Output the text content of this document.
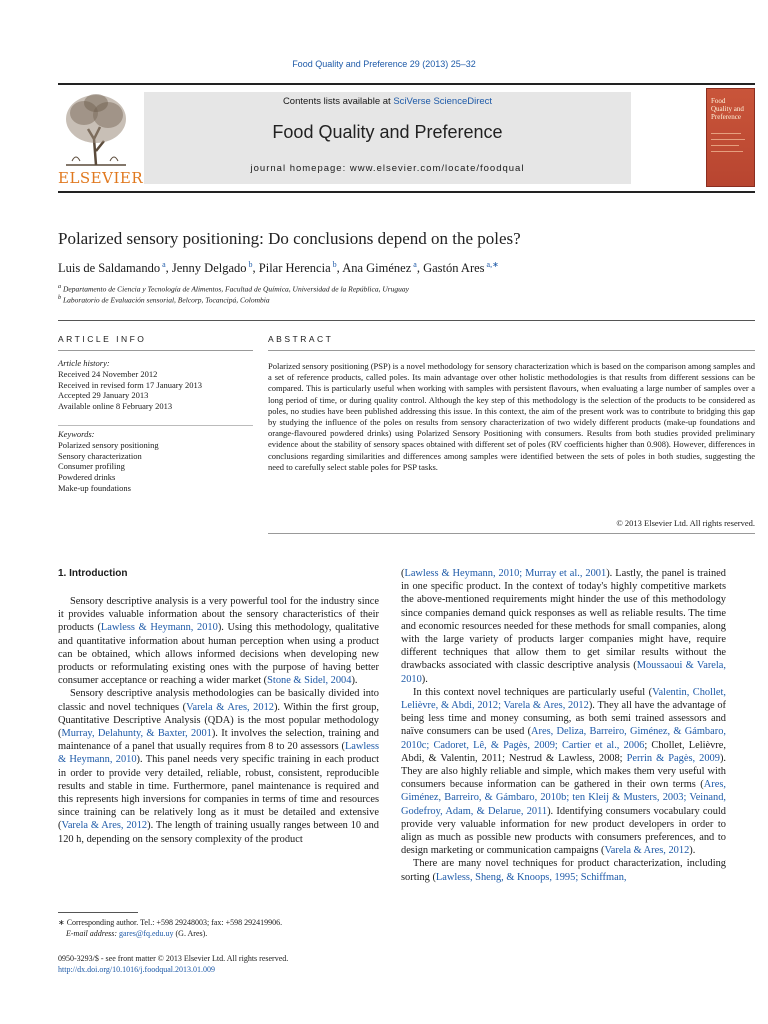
Food Quality and Preference 29 (2013) 25–32
ELSEVIER
Contents lists available at SciVerse ScienceDirect
Food Quality and Preference
journal homepage: www.elsevier.com/locate/foodqual
Food
Quality and
Preference
Polarized sensory positioning: Do conclusions depend on the poles?
Luis de Saldamando $^a$, Jenny Delgado $^b$, Pilar Herencia $^b$, Ana Giménez $^a$, Gastón Ares $^{a,∗}$
$^a$ Departamento de Ciencia y Tecnología de Alimentos, Facultad de Química, Universidad de la República, Uruguay
$^b$ Laboratorio de Evaluación sensorial, Belcorp, Tocancipá, Colombia
ARTICLE INFO	ABSTRACT
Article history:
Received 24 November 2012
Received in revised form 17 January 2013
Accepted 29 January 2013
Available online 8 February 2013
Keywords:
Polarized sensory positioning
Sensory characterization
Consumer profiling
Powdered drinks
Make-up foundations
Polarized sensory positioning (PSP) is a novel methodology for sensory characterization which is based on the comparison among samples and a set of reference products, called poles. Its main advantage over other holistic methodologies is that results from different sessions can be compared. This is particularly useful when working with samples with persistent flavours, when evaluating a large number of samples over a long period of time, or during quality control. Although the key step of this methodology is the selection of the products to be considered as poles, no studies have been published addressing this issue. In this context, the aim of the present work was to contribute to bridging this gap by studying the influence of the poles on results from sensory characterization of two widely different products (make-up foundations and orange-flavoured powdered drinks) using Polarized Sensory Positioning with consumers. Results from both studies provided preliminary evidence about the stability of sensory spaces obtained with different set of poles (RV coefficients higher than 0.908). However, differences in conclusions regarding similarities and differences among samples were identified between the sets of poles in both studies, suggesting the need to carefully select stable poles for PSP tasks.
© 2013 Elsevier Ltd. All rights reserved.
1. Introduction

Sensory descriptive analysis is a very powerful tool for the industry since it provides valuable information about the sensory characteristics of their products (Lawless & Heymann, 2010). Using this methodology, qualitative and quantitative information about human perception when using a product can be obtained, which allows informed decisions when developing new products or reformulating existing ones with the purpose of having better consumer acceptance or reaching a wider market (Stone & Sidel, 2004).

Sensory descriptive analysis methodologies can be basically divided into classic and novel techniques (Varela & Ares, 2012). Within the first group, Quantitative Descriptive Analysis (QDA) is the most popular methodology (Murray, Delahunty, & Baxter, 2001). It involves the selection, training and maintenance of a panel that usually requires from 8 to 20 assessors (Lawless & Heymann, 2010). This panel needs very specific training in each product in order to provide very detailed, reliable, robust, consistent, reproducible results and stable in time. Furthermore, panel maintenance is required and this represents high inversions for companies in terms of time and resources since training can be relatively long as it must be detailed and extensive (Varela & Ares, 2012). The length of training usually ranges between 10 and 120 h, depending on the sensory complexity of the product

(Lawless & Heymann, 2010; Murray et al., 2001). Lastly, the panel is trained in one specific product. In the context of today's highly competitive markets the above-mentioned requirements might hinder the use of this methodology since companies demand quick responses as well as reliable results. The time and economic resources needed for these methods for small companies, along with the large variety of products larger companies might have, require different techniques that allow them to get similar results without the drawbacks associated with classic descriptive analysis (Moussaoui & Varela, 2010).

In this context novel techniques are particularly useful (Valentin, Chollet, Lelièvre, & Abdi, 2012; Varela & Ares, 2012). They all have the advantage of being less time and money consuming, as both semi trained assessors and naïve consumers can be used (Ares, Deliza, Barreiro, Giménez, & Gámbaro, 2010c; Cadoret, Lê, & Pagès, 2009; Cartier et al., 2006; Chollet, Lelièvre, Abdi, & Valentin, 2011; Nestrud & Lawless, 2008; Perrin & Pagès, 2009). They are also highly reliable and simple, which makes them very useful with consumers because information can be gathered in their own terms (Ares, Giménez, Barreiro, & Gámbaro, 2010b; ten Kleij & Musters, 2003; Veinand, Godefroy, Adam, & Delarue, 2011). Identifying consumers vocabulary could provide very valuable information for new product developers in order to align as much as possible new products with consumers preferences, and to design marketing or communication campaigns (Varela & Ares, 2012).

There are many novel techniques for product characterization, including sorting (Lawless, Sheng, & Knoops, 1995; Schiffman,

∗ Corresponding author. Tel.: +598 29248003; fax: +598 292419906.
E-mail address: gares@fq.edu.uy (G. Ares).
0950-3293/$ - see front matter © 2013 Elsevier Ltd. All rights reserved.
http://dx.doi.org/10.1016/j.foodqual.2013.01.009
